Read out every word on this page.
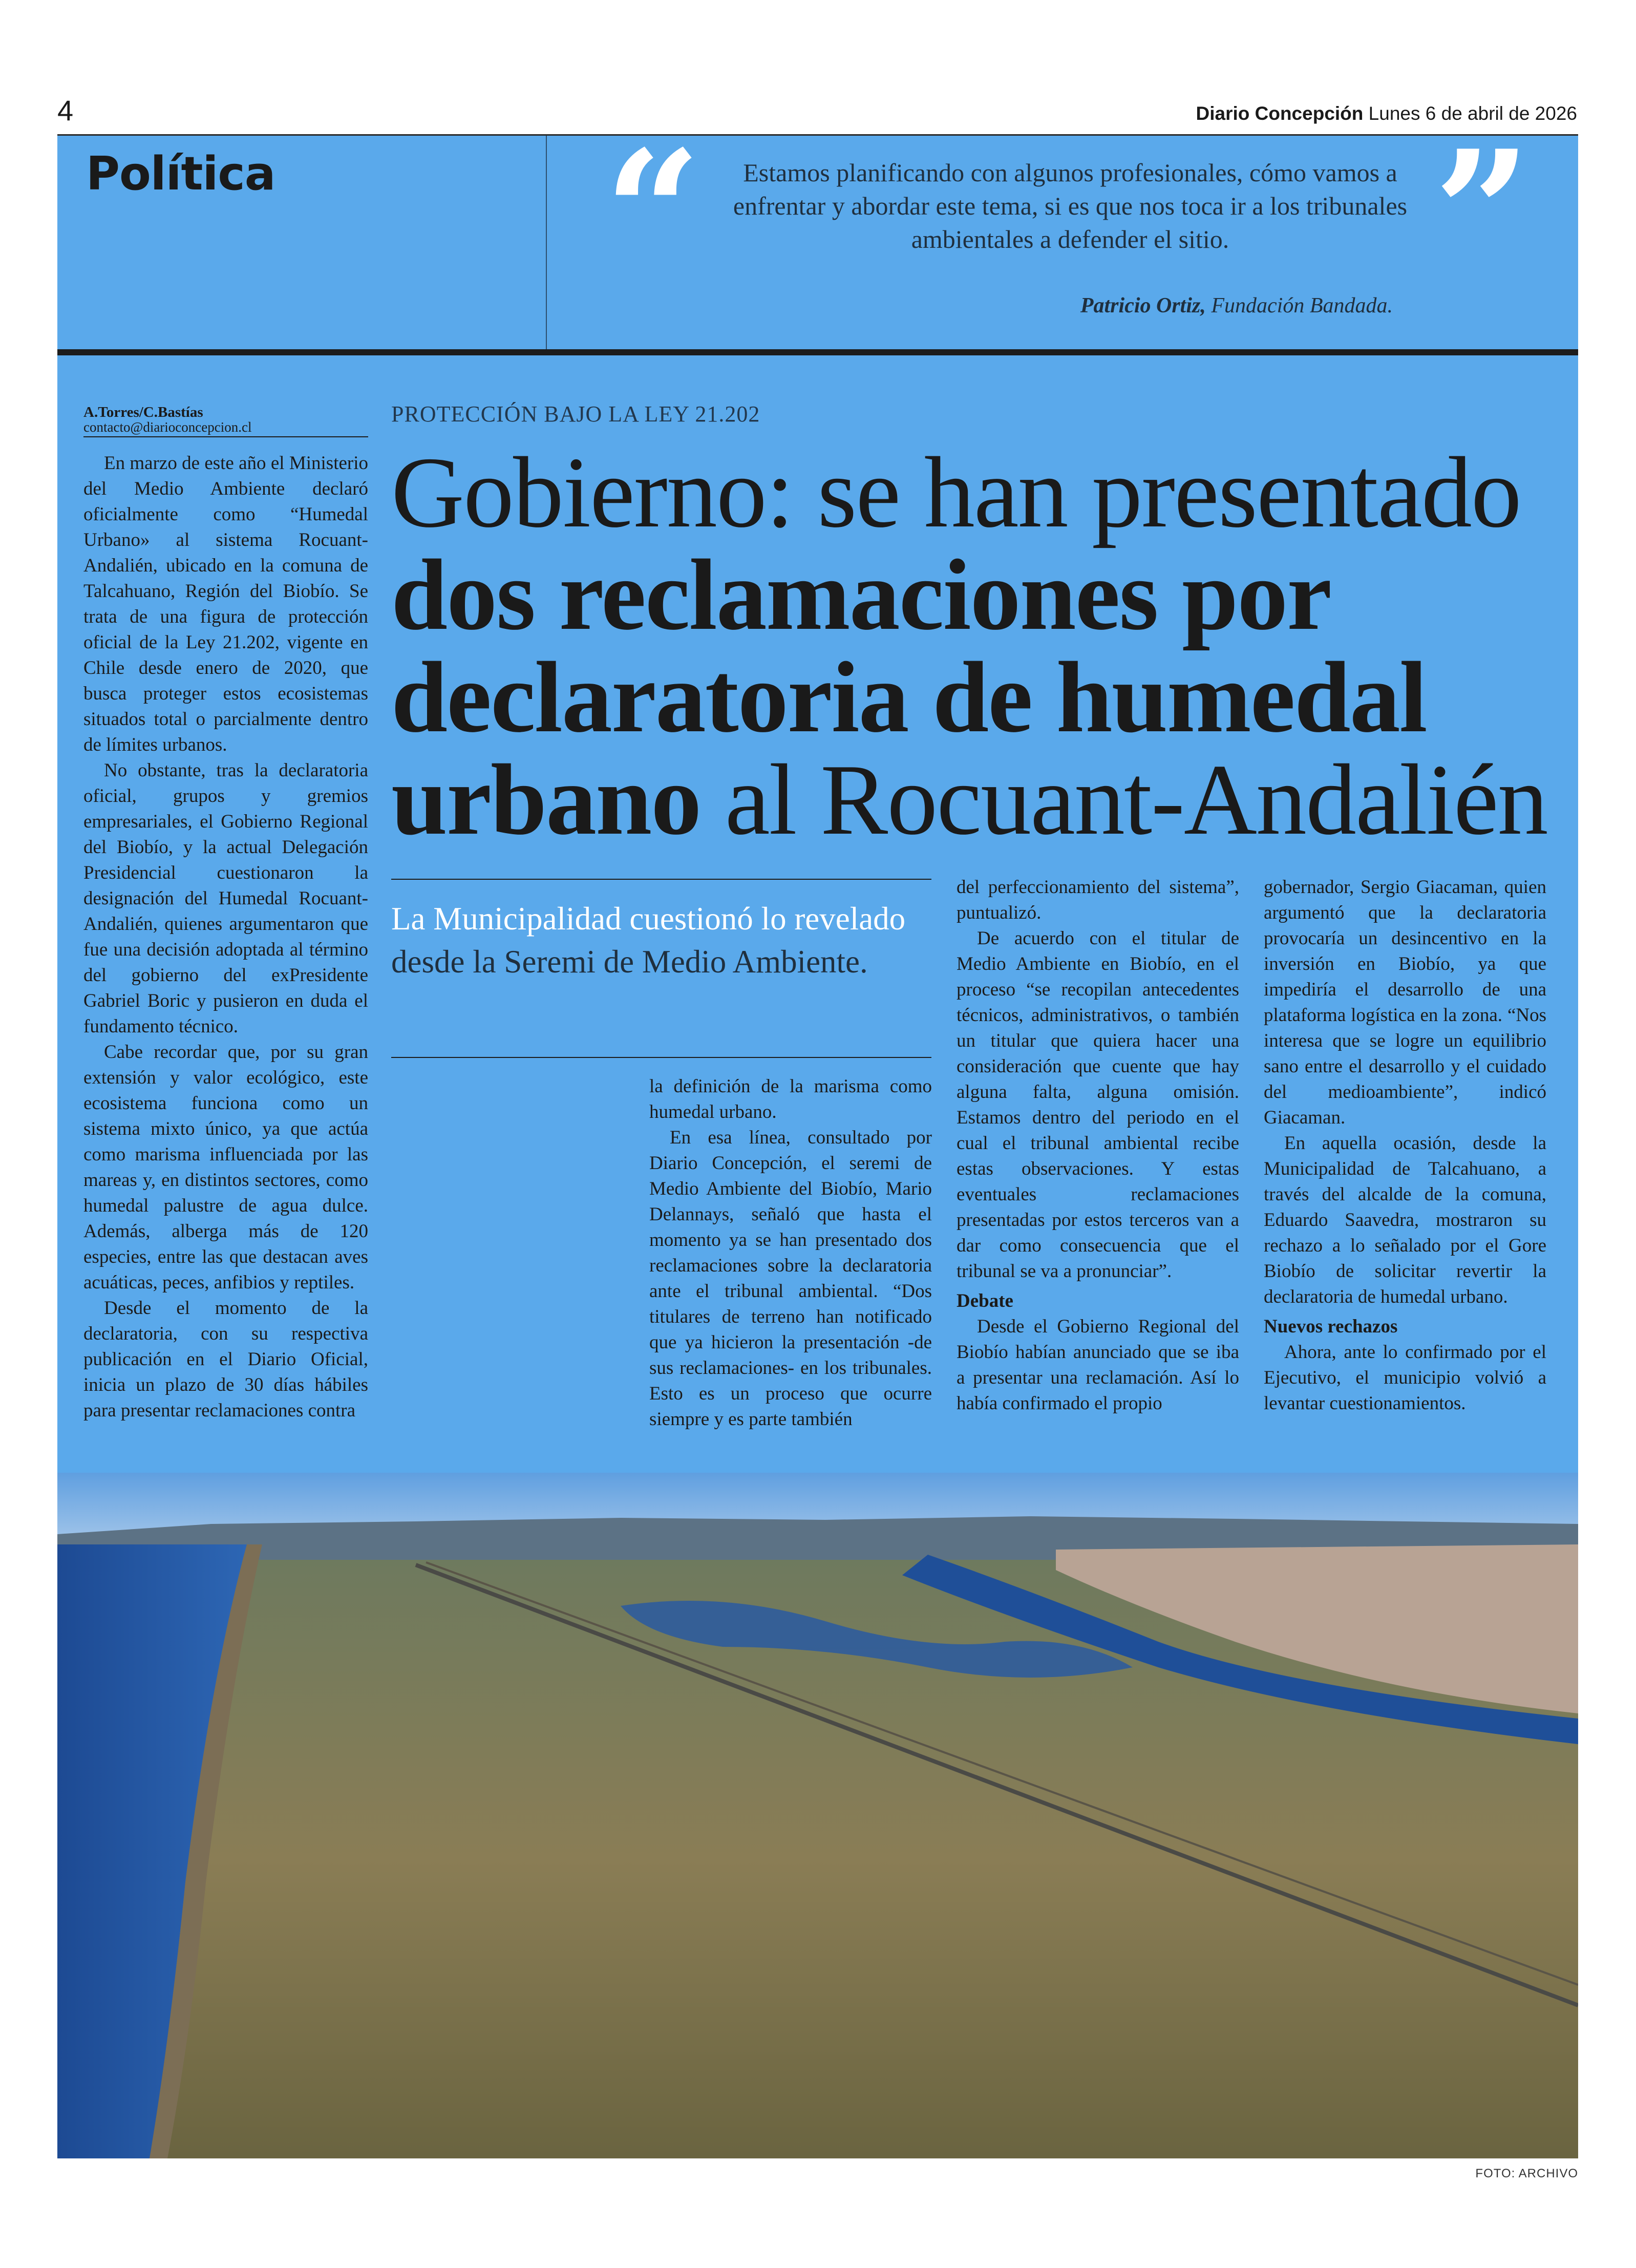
4	Diario Concepción Lunes 6 de abril de 2026
Política “	”
Estamos planificando con algunos profesionales, cómo vamos a enfrentar y abordar este tema, si es que nos toca ir a los tribunales ambientales a defender el sitio.
Patricio Ortiz, Fundación Bandada.
A.Torres/C.Bastías
contacto@diarioconcepcion.cl

En marzo de este año el Ministerio del Medio Ambiente declaró oficialmente como “Humedal Urbano» al sistema Rocuant-Andalién, ubicado en la comuna de Talcahuano, Región del Biobío. Se trata de una figura de protección oficial de la Ley 21.202, vigente en Chile desde enero de 2020, que busca proteger estos ecosistemas situados total o parcialmente dentro de límites urbanos.

No obstante, tras la declaratoria oficial, grupos y gremios empresariales, el Gobierno Regional del Biobío, y la actual Delegación Presidencial cuestionaron la designación del Humedal Rocuant-Andalién, quienes argumentaron que fue una decisión adoptada al término del gobierno del exPresidente Gabriel Boric y pusieron en duda el fundamento técnico.

Cabe recordar que, por su gran extensión y valor ecológico, este ecosistema funciona como un sistema mixto único, ya que actúa como marisma influenciada por las mareas y, en distintos sectores, como humedal palustre de agua dulce. Además, alberga más de 120 especies, entre las que destacan aves acuáticas, peces, anfibios y reptiles.

Desde el momento de la declaratoria, con su respectiva publicación en el Diario Oficial, inicia un plazo de 30 días hábiles para presentar reclamaciones contra

PROTECCIÓN BAJO LA LEY 21.202
Gobierno: se han presentado
dos reclamaciones por
declaratoria de humedal
urbano al Rocuant-Andalién
La Municipalidad cuestionó lo revelado desde la Seremi de Medio Ambiente.

la definición de la marisma como humedal urbano.

En esa línea, consultado por Diario Concepción, el seremi de Medio Ambiente del Biobío, Mario Delannays, señaló que hasta el momento ya se han presentado dos reclamaciones sobre la declaratoria ante el tribunal ambiental. “Dos titulares de terreno han notificado que ya hicieron la presentación -de sus reclamaciones- en los tribunales. Esto es un proceso que ocurre siempre y es parte también

del perfeccionamiento del sistema”, puntualizó.

De acuerdo con el titular de Medio Ambiente en Biobío, en el proceso “se recopilan antecedentes técnicos, administrativos, o también un titular que quiera hacer una consideración que cuente que hay alguna falta, alguna omisión. Estamos dentro del periodo en el cual el tribunal ambiental recibe estas observaciones. Y estas eventuales reclamaciones presentadas por estos terceros van a dar como consecuencia que el tribunal se va a pronunciar”.

Debate

Desde el Gobierno Regional del Biobío habían anunciado que se iba a presentar una reclamación. Así lo había confirmado el propio

gobernador, Sergio Giacaman, quien argumentó que la declaratoria provocaría un desincentivo en la inversión en Biobío, ya que impediría el desarrollo de una plataforma logística en la zona. “Nos interesa que se logre un equilibrio sano entre el desarrollo y el cuidado del medioambiente”, indicó Giacaman.

En aquella ocasión, desde la Municipalidad de Talcahuano, a través del alcalde de la comuna, Eduardo Saavedra, mostraron su rechazo a lo señalado por el Gore Biobío de solicitar revertir la declaratoria de humedal urbano.

Nuevos rechazos

Ahora, ante lo confirmado por el Ejecutivo, el municipio volvió a levantar cuestionamientos.

FOTO: ARCHIVO
